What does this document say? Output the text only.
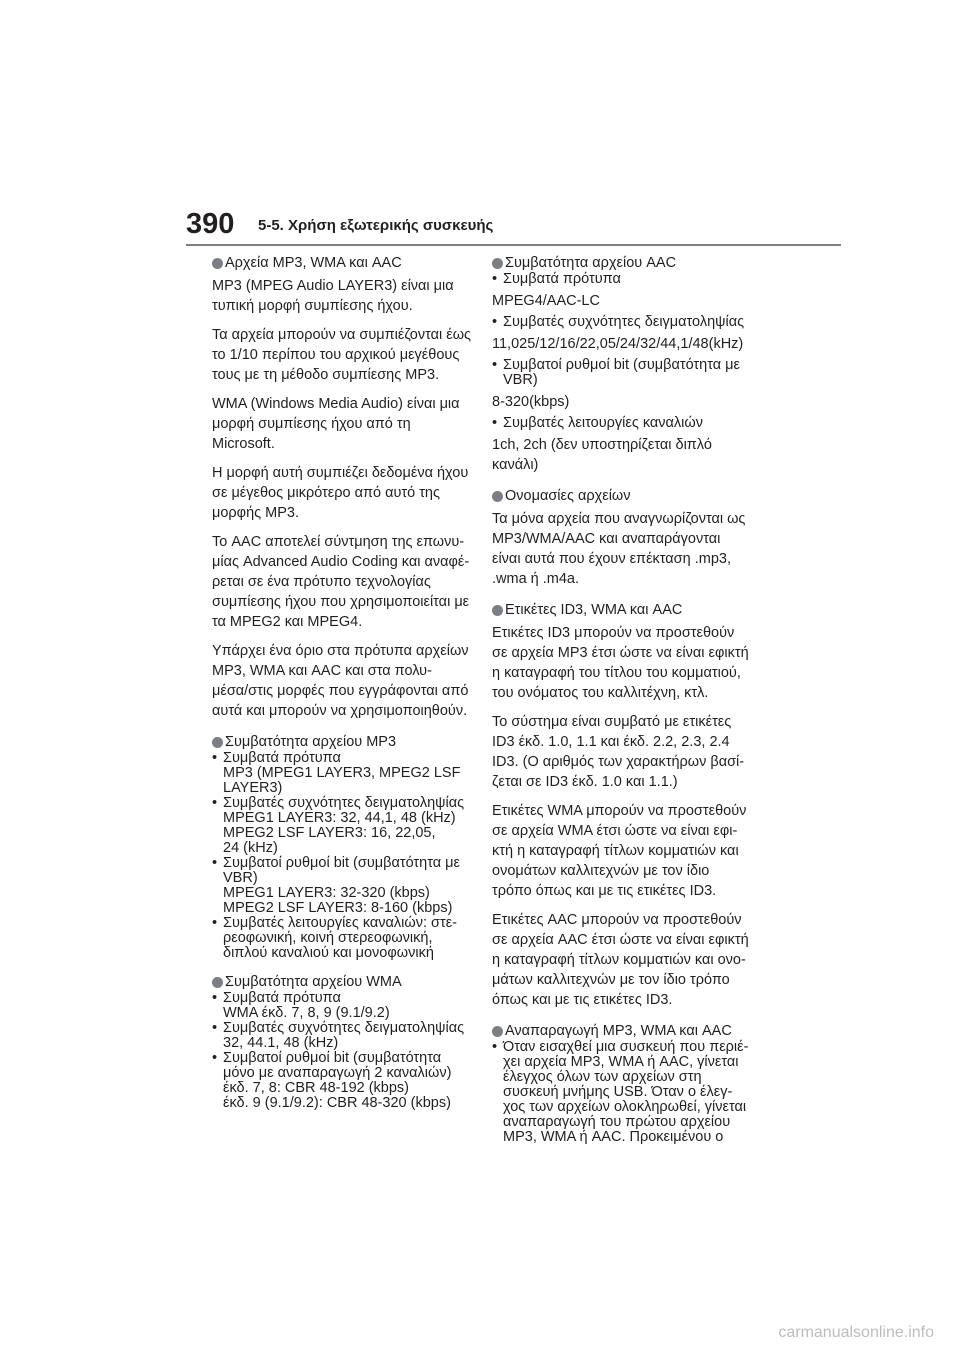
390 5-5. Χρήση εξωτερικής συσκευής
Αρχεία MP3, WMA και AAC
MP3 (MPEG Audio LAYER3) είναι μια
τυπική μορφή συμπίεσης ήχου.
Τα αρχεία μπορούν να συμπιέζονται έως
το 1/10 περίπου του αρχικού μεγέθους
τους με τη μέθοδο συμπίεσης MP3.
WMA (Windows Media Audio) είναι μια
μορφή συμπίεσης ήχου από τη
Microsoft.
Η μορφή αυτή συμπιέζει δεδομένα ήχου
σε μέγεθος μικρότερο από αυτό της
μορφής MP3.
Το AAC αποτελεί σύντμηση της επωνυ-
μίας Advanced Audio Coding και αναφέ-
ρεται σε ένα πρότυπο τεχνολογίας
συμπίεσης ήχου που χρησιμοποιείται με
τα MPEG2 και MPEG4.
Υπάρχει ένα όριο στα πρότυπα αρχείων
MP3, WMA και AAC και στα πολυ-
μέσα/στις μορφές που εγγράφονται από
αυτά και μπορούν να χρησιμοποιηθούν.
Συμβατότητα αρχείου MP3
• Συμβατά πρότυπα
MP3 (MPEG1 LAYER3, MPEG2 LSF
LAYER3)
• Συμβατές συχνότητες δειγματοληψίας
MPEG1 LAYER3: 32, 44,1, 48 (kHz)
MPEG2 LSF LAYER3: 16, 22,05,
24 (kHz)
• Συμβατοί ρυθμοί bit (συμβατότητα με
VBR)
MPEG1 LAYER3: 32-320 (kbps)
MPEG2 LSF LAYER3: 8-160 (kbps)
• Συμβατές λειτουργίες καναλιών: στε-
ρεοφωνική, κοινή στερεοφωνική,
διπλού καναλιού και μονοφωνική
Συμβατότητα αρχείου WMA
• Συμβατά πρότυπα
WMA έκδ. 7, 8, 9 (9.1/9.2)
• Συμβατές συχνότητες δειγματοληψίας
32, 44.1, 48 (kHz)
• Συμβατοί ρυθμοί bit (συμβατότητα
μόνο με αναπαραγωγή 2 καναλιών)
έκδ. 7, 8: CBR 48-192 (kbps)
έκδ. 9 (9.1/9.2): CBR 48-320 (kbps)
Συμβατότητα αρχείου AAC
• Συμβατά πρότυπα
MPEG4/AAC-LC
• Συμβατές συχνότητες δειγματοληψίας
11,025/12/16/22,05/24/32/44,1/48(kHz)
• Συμβατοί ρυθμοί bit (συμβατότητα με
VBR)
8-320(kbps)
• Συμβατές λειτουργίες καναλιών
1ch, 2ch (δεν υποστηρίζεται διπλό
κανάλι)
Ονομασίες αρχείων
Τα μόνα αρχεία που αναγνωρίζονται ως
MP3/WMA/AAC και αναπαράγονται
είναι αυτά που έχουν επέκταση .mp3,
.wma ή .m4a.
Ετικέτες ID3, WMA και AAC
Ετικέτες ID3 μπορούν να προστεθούν
σε αρχεία MP3 έτσι ώστε να είναι εφικτή
η καταγραφή του τίτλου του κομματιού,
του ονόματος του καλλιτέχνη, κτλ.
Το σύστημα είναι συμβατό με ετικέτες
ID3 έκδ. 1.0, 1.1 και έκδ. 2.2, 2.3, 2.4
ID3. (Ο αριθμός των χαρακτήρων βασί-
ζεται σε ID3 έκδ. 1.0 και 1.1.)
Ετικέτες WMA μπορούν να προστεθούν
σε αρχεία WMA έτσι ώστε να είναι εφι-
κτή η καταγραφή τίτλων κομματιών και
ονομάτων καλλιτεχνών με τον ίδιο
τρόπο όπως και με τις ετικέτες ID3.
Ετικέτες AAC μπορούν να προστεθούν
σε αρχεία AAC έτσι ώστε να είναι εφικτή
η καταγραφή τίτλων κομματιών και ονο-
μάτων καλλιτεχνών με τον ίδιο τρόπο
όπως και με τις ετικέτες ID3.
Αναπαραγωγή MP3, WMA και AAC
• Όταν εισαχθεί μια συσκευή που περιέ-
χει αρχεία MP3, WMA ή AAC, γίνεται
έλεγχος όλων των αρχείων στη
συσκευή μνήμης USB. Όταν ο έλεγ-
χος των αρχείων ολοκληρωθεί, γίνεται
αναπαραγωγή του πρώτου αρχείου
MP3, WMA ή AAC. Προκειμένου ο
carmanualsonline.info
